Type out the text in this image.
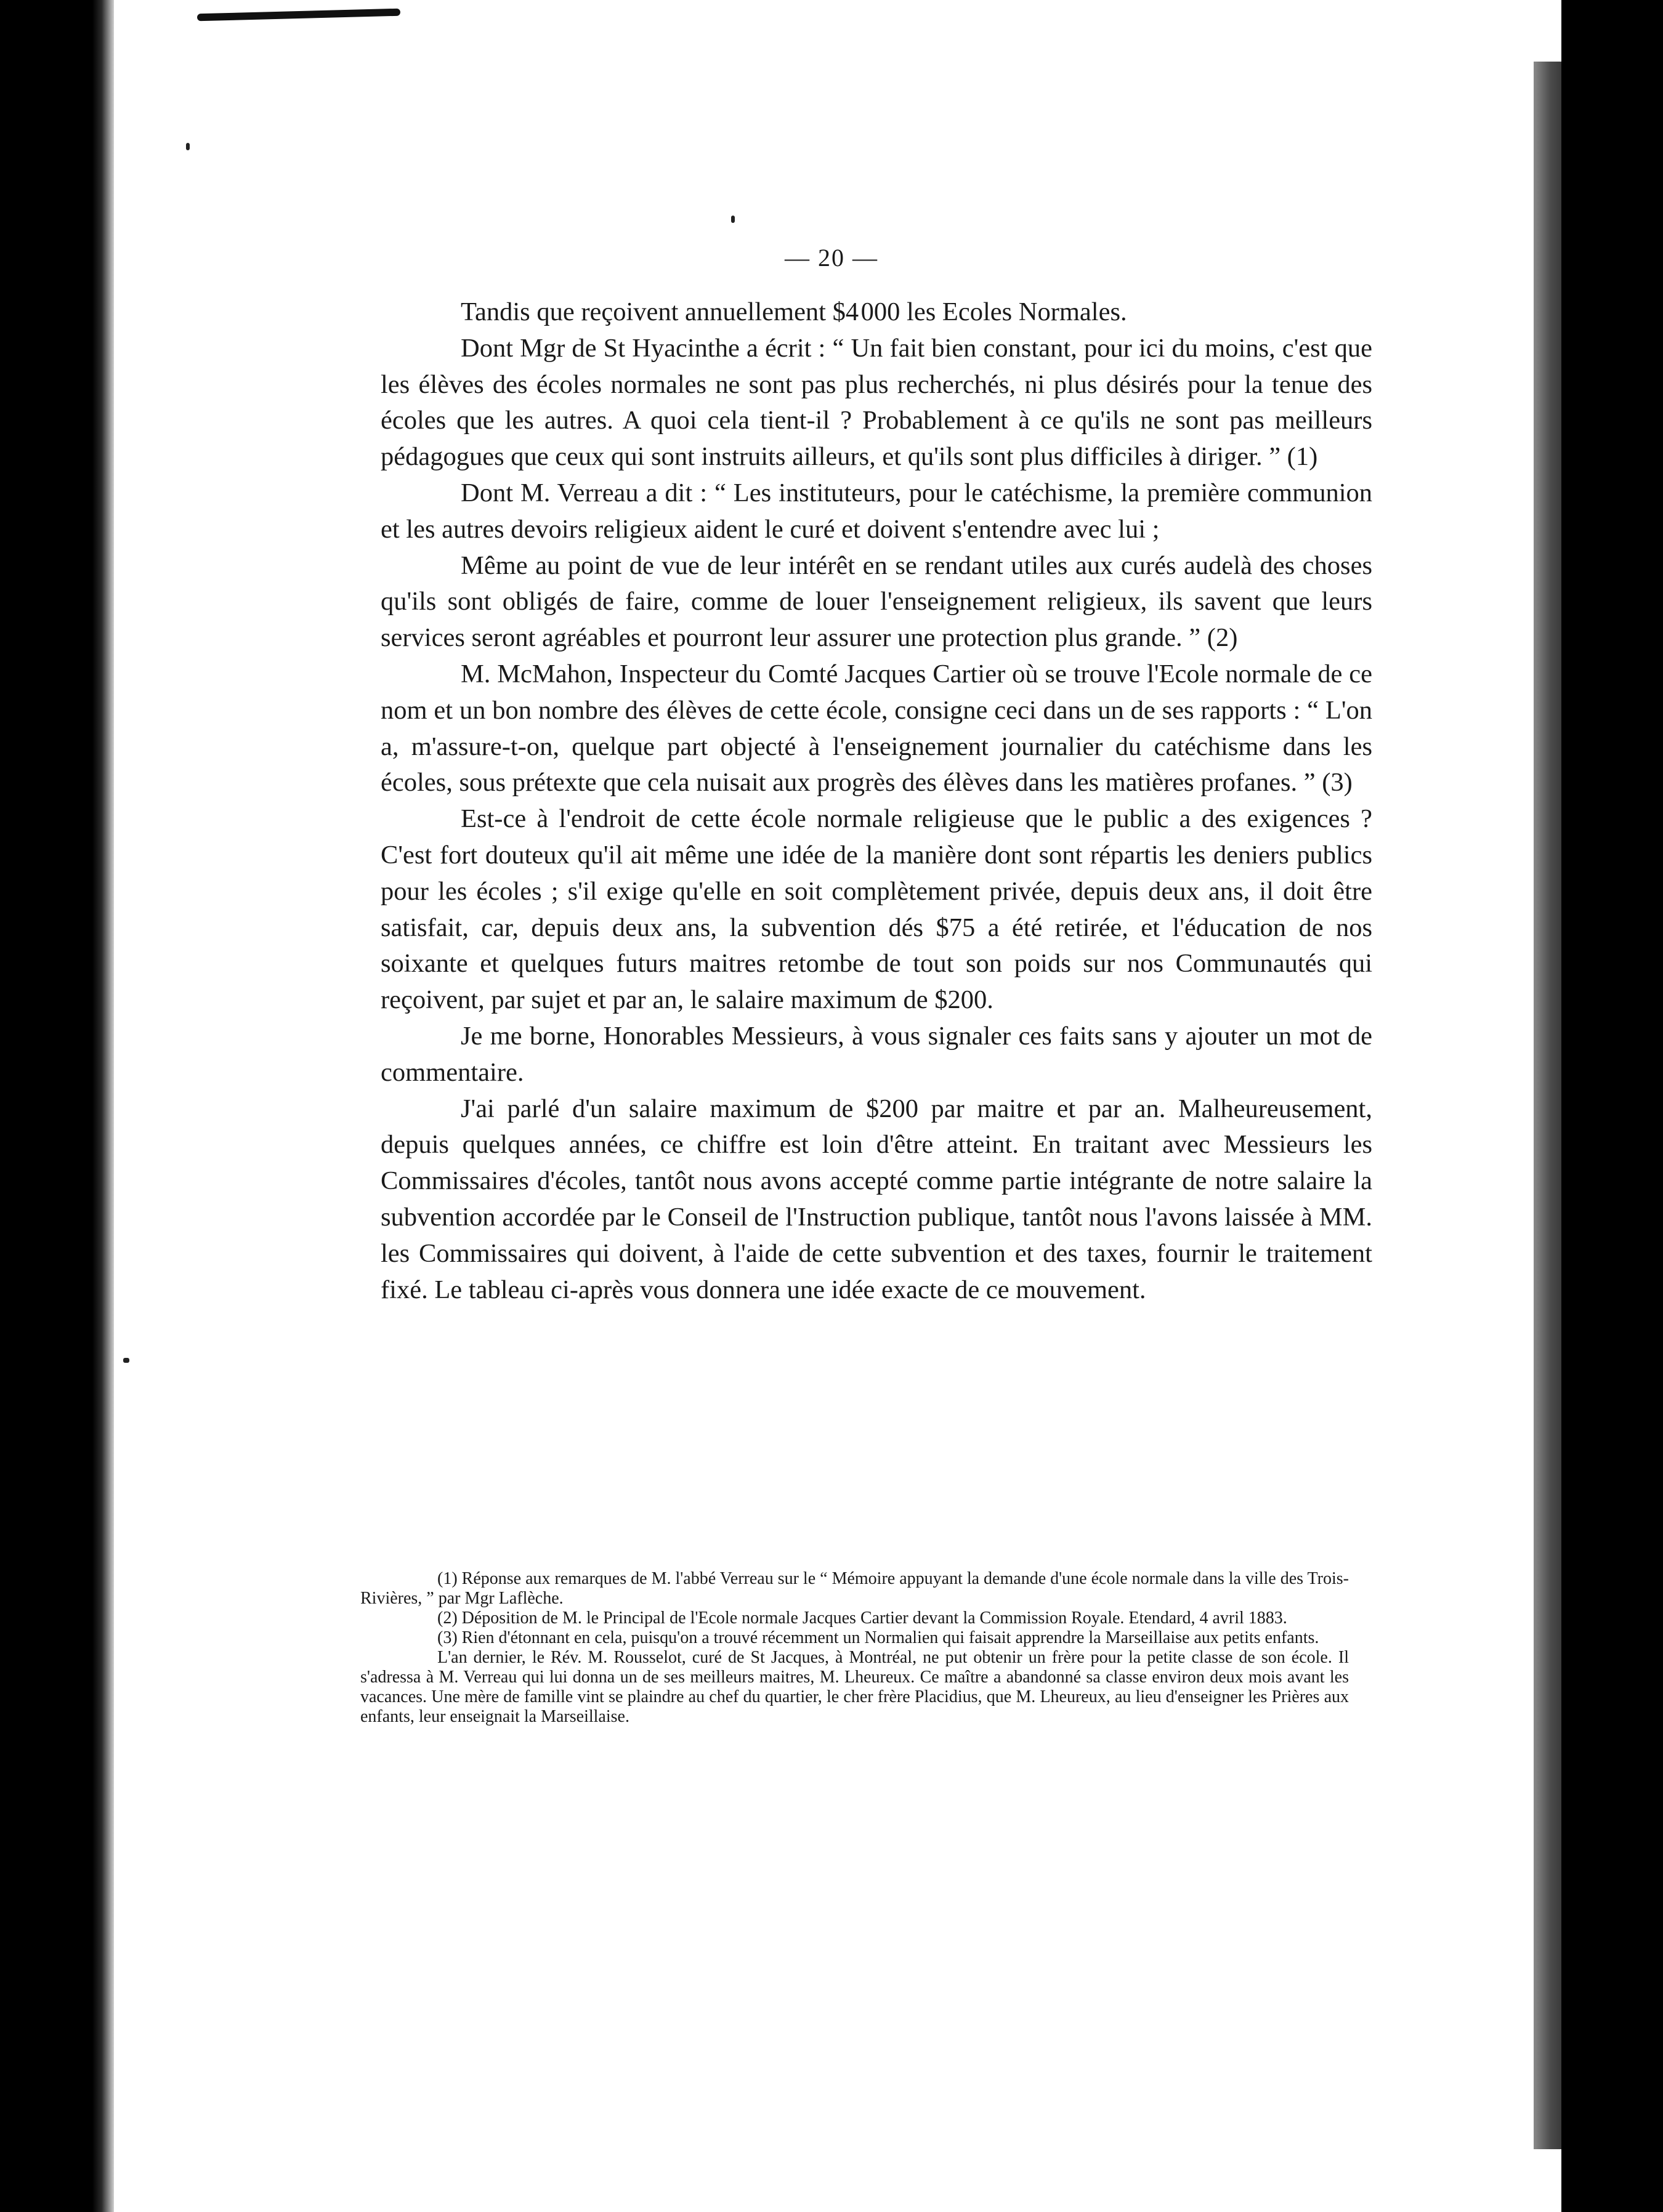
— 20 —

Tandis que reçoivent annuellement $4 000 les Ecoles Normales.

Dont Mgr de St Hyacinthe a écrit : “ Un fait bien constant, pour ici du moins, c'est que les élèves des écoles normales ne sont pas plus recherchés, ni plus désirés pour la tenue des écoles que les autres. A quoi cela tient-il ? Probablement à ce qu'ils ne sont pas meilleurs pédagogues que ceux qui sont instruits ailleurs, et qu'ils sont plus difficiles à diriger. ” (1)

Dont M. Verreau a dit : “ Les instituteurs, pour le catéchisme, la première communion et les autres devoirs religieux aident le curé et doivent s'entendre avec lui ;

Même au point de vue de leur intérêt en se rendant utiles aux curés audelà des choses qu'ils sont obligés de faire, comme de louer l'enseignement religieux, ils savent que leurs services seront agréables et pourront leur assurer une protection plus grande. ” (2)

M. McMahon, Inspecteur du Comté Jacques Cartier où se trouve l'Ecole normale de ce nom et un bon nombre des élèves de cette école, consigne ceci dans un de ses rapports : “ L'on a, m'assure-t-on, quelque part objecté à l'enseignement journalier du catéchisme dans les écoles, sous prétexte que cela nuisait aux progrès des élèves dans les matières profanes. ” (3)

Est-ce à l'endroit de cette école normale religieuse que le public a des exigences ? C'est fort douteux qu'il ait même une idée de la manière dont sont répartis les deniers publics pour les écoles ; s'il exige qu'elle en soit complètement privée, depuis deux ans, il doit être satisfait, car, depuis deux ans, la subvention dés $75 a été retirée, et l'éducation de nos soixante et quelques futurs maitres retombe de tout son poids sur nos Communautés qui reçoivent, par sujet et par an, le salaire maximum de $200.

Je me borne, Honorables Messieurs, à vous signaler ces faits sans y ajouter un mot de commentaire.

J'ai parlé d'un salaire maximum de $200 par maitre et par an. Malheureusement, depuis quelques années, ce chiffre est loin d'être atteint. En traitant avec Messieurs les Commissaires d'écoles, tantôt nous avons accepté comme partie intégrante de notre salaire la subvention accordée par le Conseil de l'Instruction publique, tantôt nous l'avons laissée à MM. les Commissaires qui doivent, à l'aide de cette subvention et des taxes, fournir le traitement fixé. Le tableau ci-après vous donnera une idée exacte de ce mouvement.

(1) Réponse aux remarques de M. l'abbé Verreau sur le “ Mémoire appuyant la demande d'une école normale dans la ville des Trois-Rivières, ” par Mgr Laflèche.

(2) Déposition de M. le Principal de l'Ecole normale Jacques Cartier devant la Commission Royale. Etendard, 4 avril 1883.

(3) Rien d'étonnant en cela, puisqu'on a trouvé récemment un Normalien qui faisait apprendre la Marseillaise aux petits enfants.

L'an dernier, le Rév. M. Rousselot, curé de St Jacques, à Montréal, ne put obtenir un frère pour la petite classe de son école. Il s'adressa à M. Verreau qui lui donna un de ses meilleurs maitres, M. Lheureux. Ce maître a abandonné sa classe environ deux mois avant les vacances. Une mère de famille vint se plaindre au chef du quartier, le cher frère Placidius, que M. Lheureux, au lieu d'enseigner les Prières aux enfants, leur enseignait la Marseillaise.
